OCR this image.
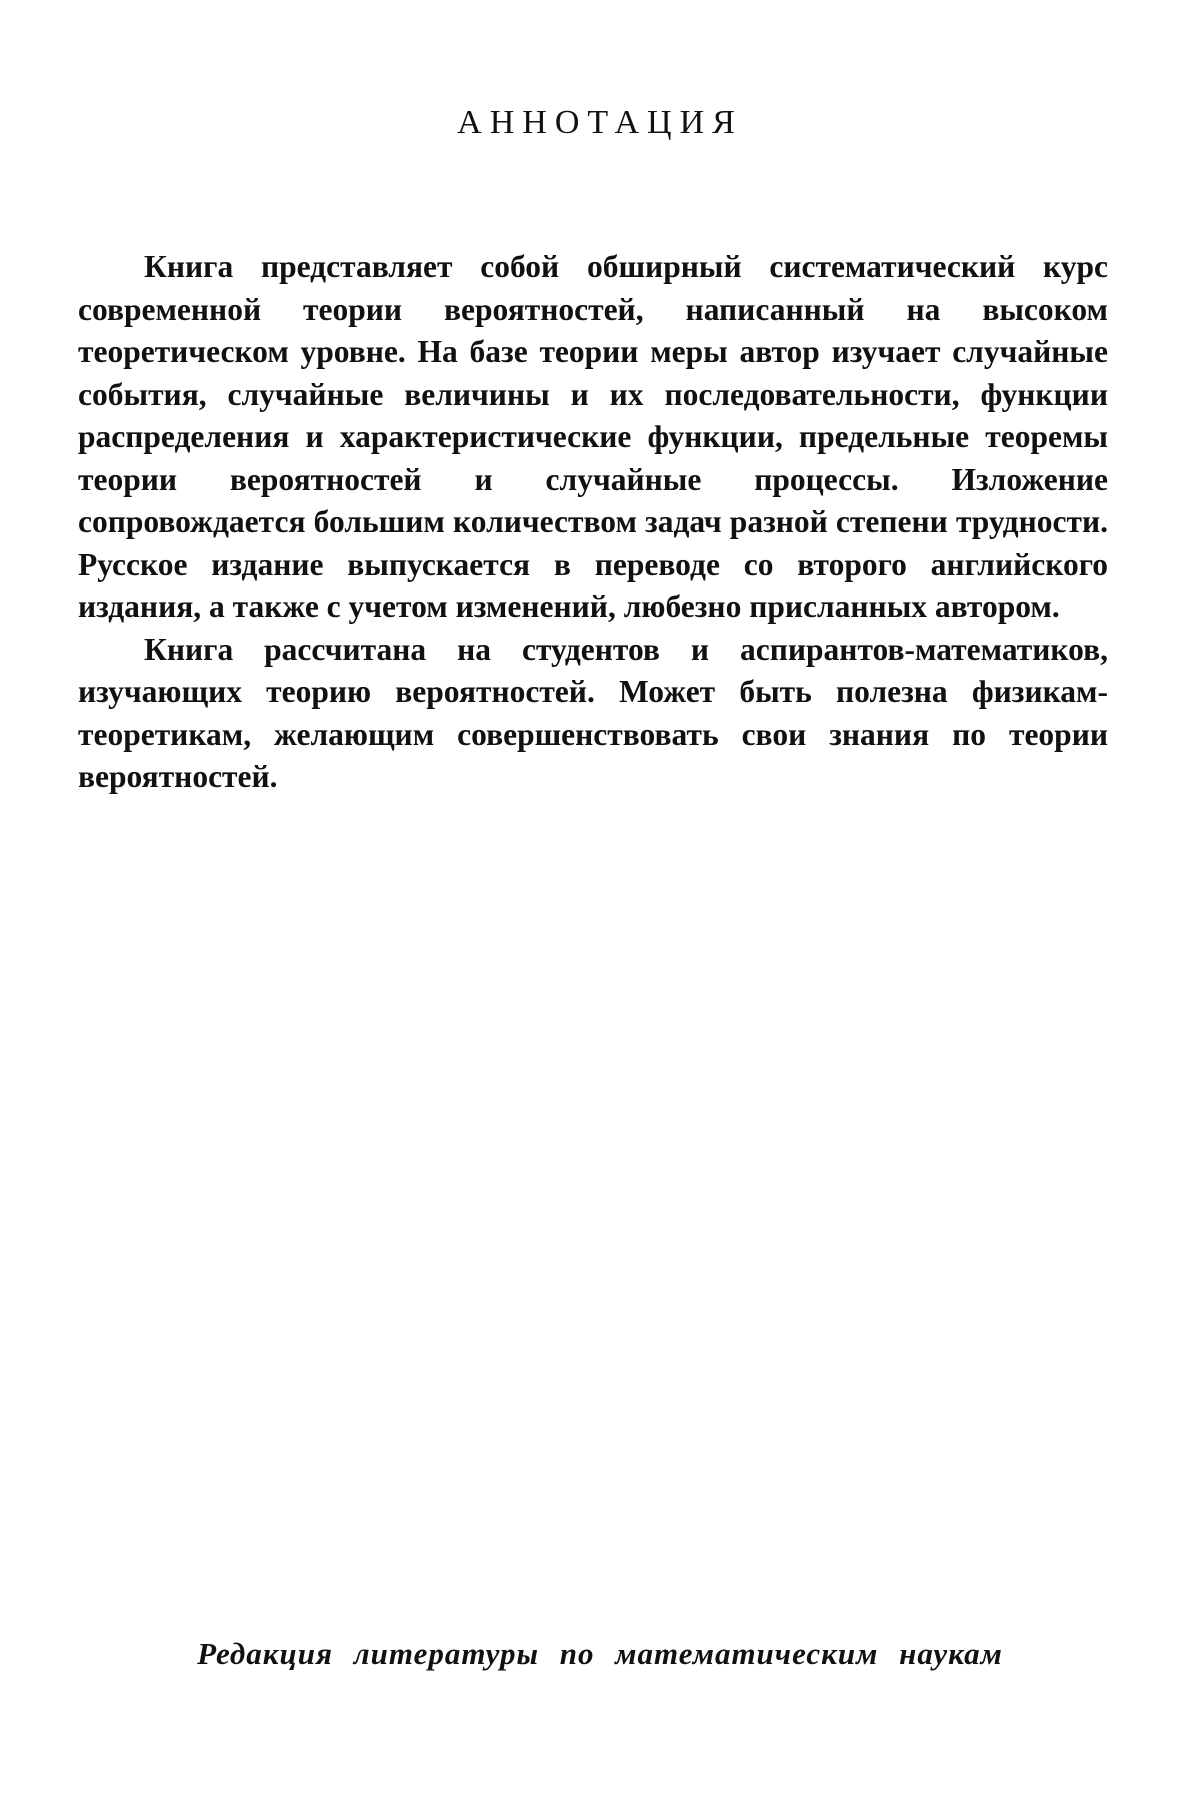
АННОТАЦИЯ

Книга представляет собой обширный систематический курс современной теории вероятностей, написанный на высоком теоретическом уровне. На базе теории меры автор изучает случайные события, случайные величины и их последовательности, функции распределения и характеристические функции, предельные теоремы теории вероятностей и случайные процессы. Изложение сопровождается большим количеством задач разной степени трудности. Русское издание выпускается в переводе со второго английского издания, а также с учетом изменений, любезно присланных автором.

Книга рассчитана на студентов и аспирантов-математиков, изучающих теорию вероятностей. Может быть полезна физикам-теоретикам, желающим совершенствовать свои знания по теории вероятностей.

Редакция литературы по математическим наукам
